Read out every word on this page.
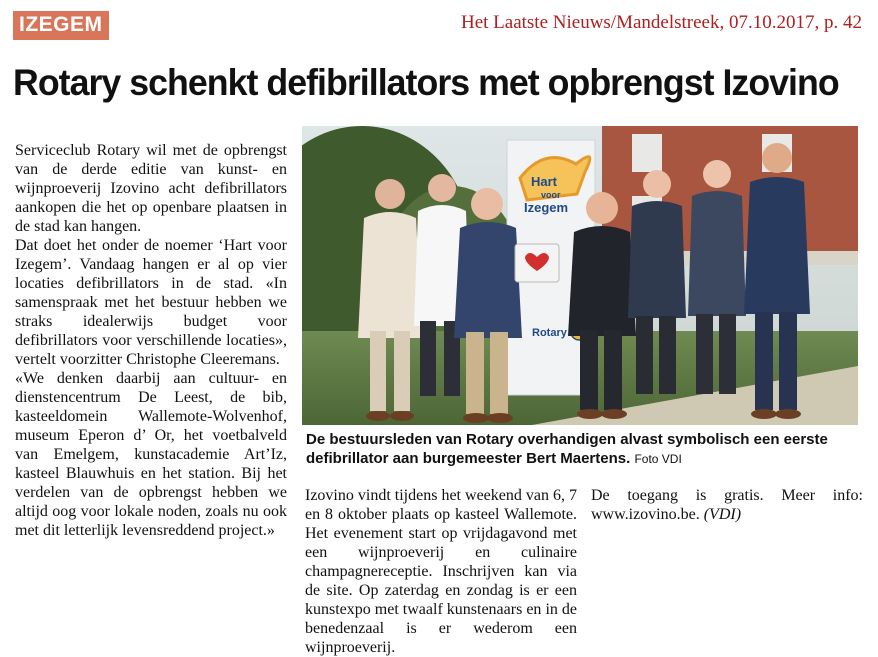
IZEGEM	Het Laatste Nieuws/Mandelstreek, 07.10.2017, p. 42
Rotary schenkt defibrillators met opbrengst Izovino

Serviceclub Rotary wil met de opbrengst van de derde editie van kunst- en wijnproeverij Izovino acht defibrillators aankopen die het op openbare plaatsen in de stad kan hangen.

Dat doet het onder de noemer ‘Hart voor Izegem’. Vandaag hangen er al op vier locaties defibrillators in de stad. «In samenspraak met het bestuur hebben we straks idealerwijs budget voor defibrillators voor verschillende locaties», vertelt voorzitter Christophe Cleeremans.

«We denken daarbij aan cultuur- en dienstencentrum De Leest, de bib, kasteeldomein Wallemote-Wolvenhof, museum Eperon d’ Or, het voetbalveld van Emelgem, kunstacademie Art’Iz, kasteel Blauwhuis en het station. Bij het verdelen van de opbrengst hebben we altijd oog voor lokale noden, zoals nu ook met dit letterlijk levensreddend project.»

Izovino vindt tijdens het weekend van 6, 7 en 8 oktober plaats op kasteel Wallemote. Het evenement start op vrijdagavond met een wijnproeverij en culinaire champagnereceptie. Inschrijven kan via de site. Op zaterdag en zondag is er een kunstexpo met twaalf kunstenaars en in de benedenzaal is er wederom een wijnproeverij.

De toegang is gratis. Meer info: www.izovino.be. (VDI)

Hart
voor
Izegem
Rotary

De bestuursleden van Rotary overhandigen alvast symbolisch een eerste defibrillator aan burgemeester Bert Maertens. Foto VDI
